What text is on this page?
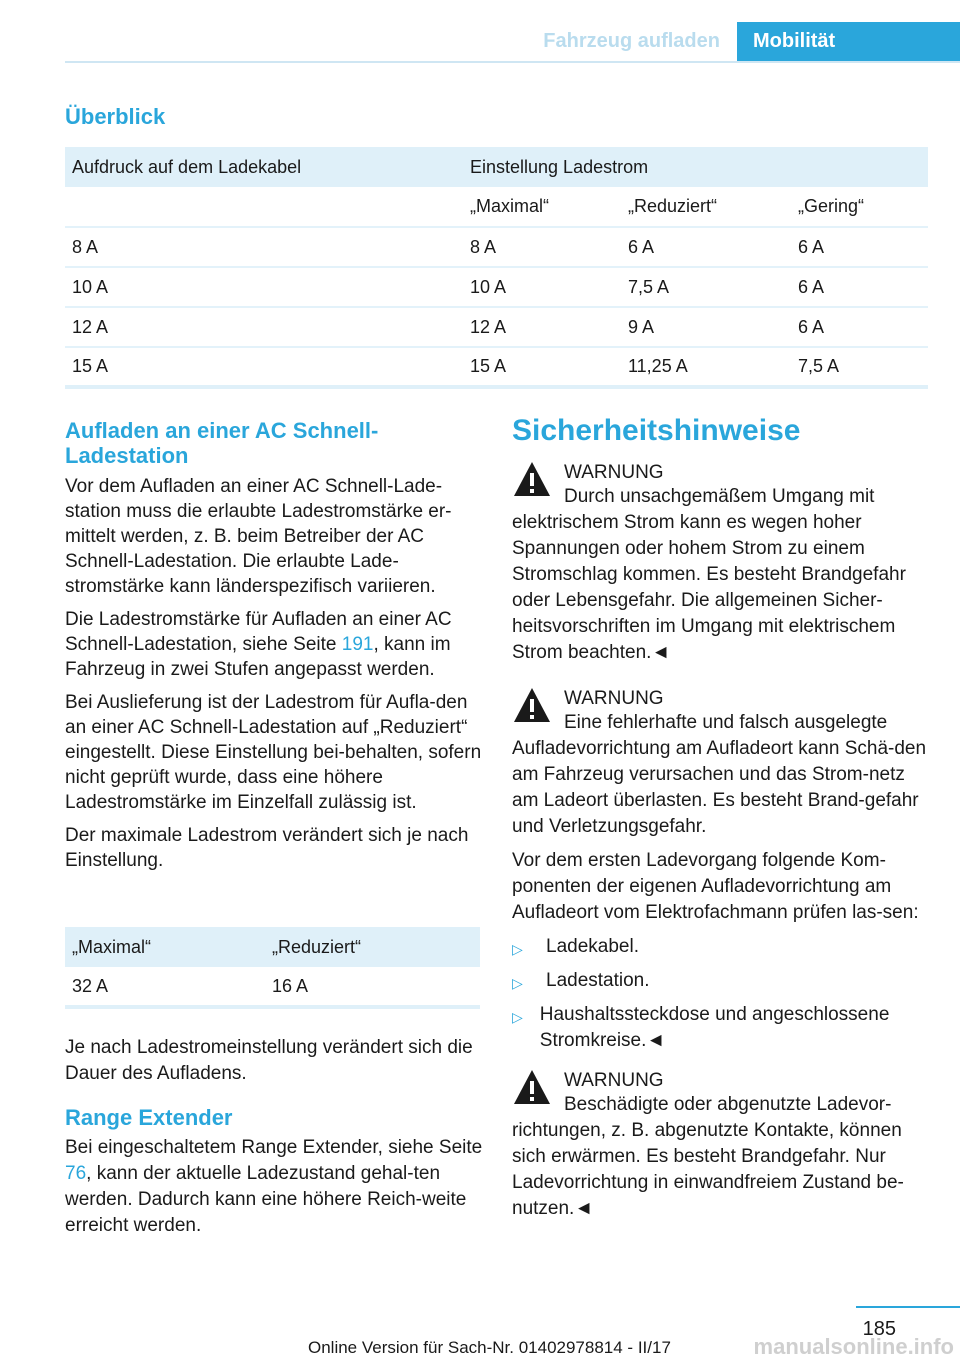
Fahrzeug aufladen	Mobilität
Überblick
Aufdruck auf dem Ladekabel	Einstellung Ladestrom		
	„Maximal“	„Reduziert“	„Gering“
8 A	8 A	6 A	6 A
10 A	10 A	7,5 A	6 A
12 A	12 A	9 A	6 A
15 A	15 A	11,25 A	7,5 A
Aufladen an einer AC Schnell-Ladestation
Vor dem Aufladen an einer AC Schnell-Lade-station muss die erlaubte Ladestromstärke er-mittelt werden, z. B. beim Betreiber der AC Schnell-Ladestation. Die erlaubte Lade-stromstärke kann länderspezifisch variieren.
Die Ladestromstärke für Aufladen an einer AC Schnell-Ladestation, siehe Seite 191, kann im Fahrzeug in zwei Stufen angepasst werden.
Bei Auslieferung ist der Ladestrom für Aufla-den an einer AC Schnell-Ladestation auf „Reduziert“ eingestellt. Diese Einstellung bei-behalten, sofern nicht geprüft wurde, dass eine höhere Ladestromstärke im Einzelfall zulässig ist.
Der maximale Ladestrom verändert sich je nach Einstellung.
„Maximal“	„Reduziert“
32 A	16 A
Je nach Ladestromeinstellung verändert sich die Dauer des Aufladens.
Range Extender
Bei eingeschaltetem Range Extender, siehe Seite 76, kann der aktuelle Ladezustand gehal-ten werden. Dadurch kann eine höhere Reich-weite erreicht werden.
Sicherheitshinweise
WARNUNG
Durch unsachgemäßem Umgang mit elektrischem Strom kann es wegen hoher Spannungen oder hohem Strom zu einem Stromschlag kommen. Es besteht Brandgefahr oder Lebensgefahr. Die allgemeinen Sicher-heitsvorschriften im Umgang mit elektrischem Strom beachten.◄
WARNUNG
Eine fehlerhafte und falsch ausgelegte Aufladevorrichtung am Aufladeort kann Schä-den am Fahrzeug verursachen und das Strom-netz am Ladeort überlasten. Es besteht Brand-gefahr und Verletzungsgefahr.
Vor dem ersten Ladevorgang folgende Kom-ponenten der eigenen Aufladevorrichtung am Aufladeort vom Elektrofachmann prüfen las-sen:
▷	Ladekabel.
▷	Ladestation.
▷ Haushaltssteckdose und angeschlossene Stromkreise.◄
WARNUNG
Beschädigte oder abgenutzte Ladevor-richtungen, z. B. abgenutzte Kontakte, können sich erwärmen. Es besteht Brandgefahr. Nur Ladevorrichtung in einwandfreiem Zustand be-nutzen.◄
185
Online Version für Sach-Nr. 01402978814 - II/17	manualsonline.info
